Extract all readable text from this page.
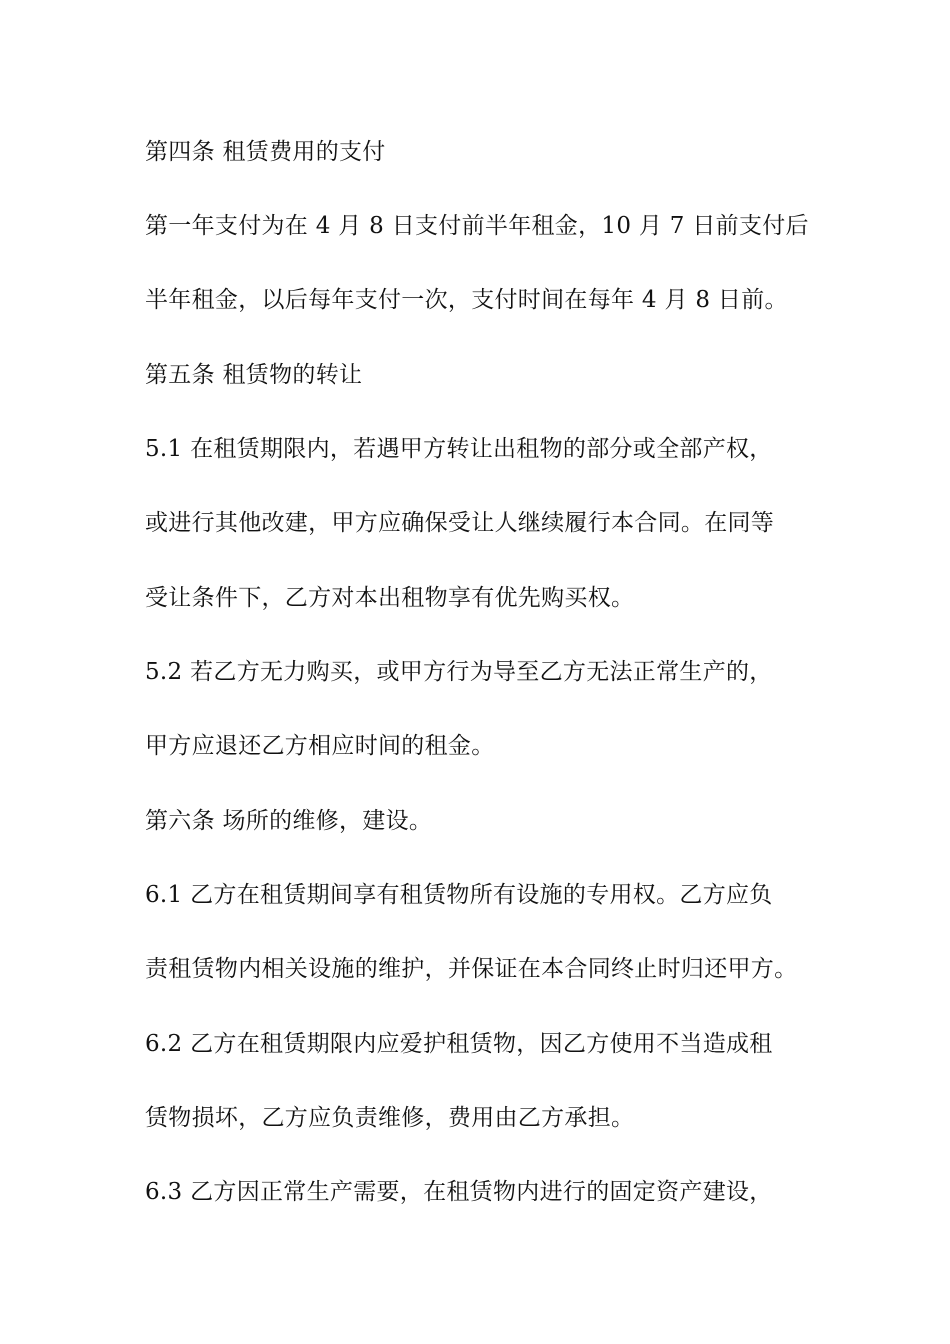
第四条 租赁费用的支付

第一年支付为在 4 月 8 日支付前半年租金，10 月 7 日前支付后

半年租金，以后每年支付一次，支付时间在每年 4 月 8 日前。

第五条 租赁物的转让

5.1 在租赁期限内，若遇甲方转让出租物的部分或全部产权，

或进行其他改建，甲方应确保受让人继续履行本合同。在同等

受让条件下，乙方对本出租物享有优先购买权。

5.2 若乙方无力购买，或甲方行为导至乙方无法正常生产的，

甲方应退还乙方相应时间的租金。

第六条 场所的维修，建设。

6.1 乙方在租赁期间享有租赁物所有设施的专用权。乙方应负

责租赁物内相关设施的维护，并保证在本合同终止时归还甲方。

6.2 乙方在租赁期限内应爱护租赁物，因乙方使用不当造成租

赁物损坏，乙方应负责维修，费用由乙方承担。

6.3 乙方因正常生产需要，在租赁物内进行的固定资产建设，
